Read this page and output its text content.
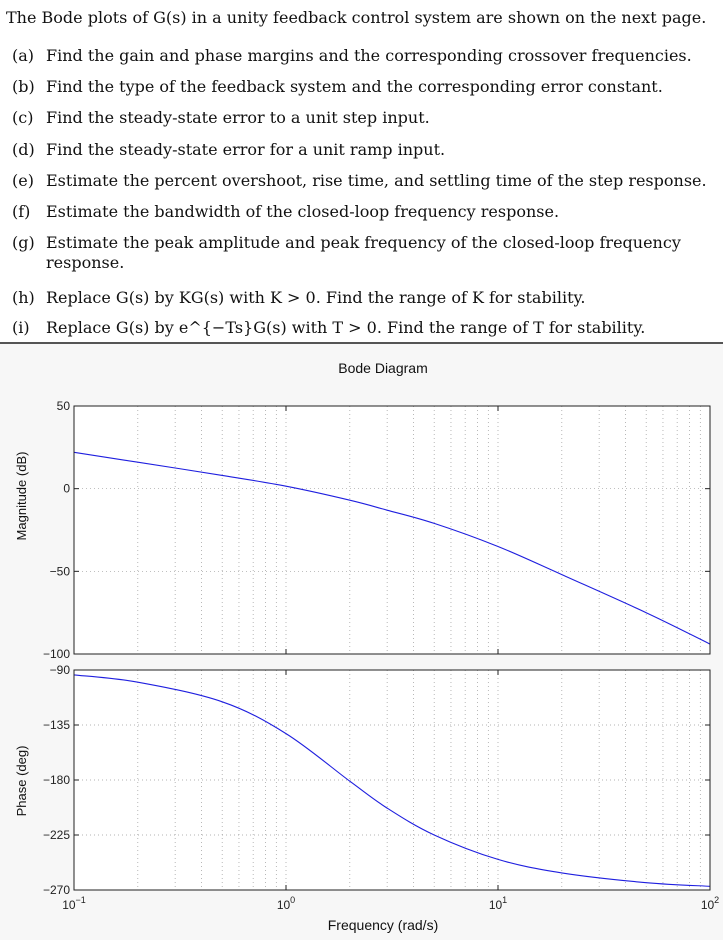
The Bode plots of G(s) in a unity feedback control system are shown on the next page.
(a) Find the gain and phase margins and the corresponding crossover frequencies.
(b) Find the type of the feedback system and the corresponding error constant.
(c) Find the steady-state error to a unit step input.
(d) Find the steady-state error for a unit ramp input.
(e) Estimate the percent overshoot, rise time, and settling time of the step response.
(f) Estimate the bandwidth of the closed-loop frequency response.
(g) Estimate the peak amplitude and peak frequency of the closed-loop frequency response.
(h) Replace G(s) by KG(s) with K > 0. Find the range of K for stability.
(i) Replace G(s) by e^{−Ts}G(s) with T > 0. Find the range of T for stability.
Bode Diagram
Frequency (rad/s)
Magnitude (dB)
Phase (deg)
50
0
−50
−100
−90
−135
−180
−225
−270
$10^{-1}$	$10^0$	$10^1$	$10^2$
